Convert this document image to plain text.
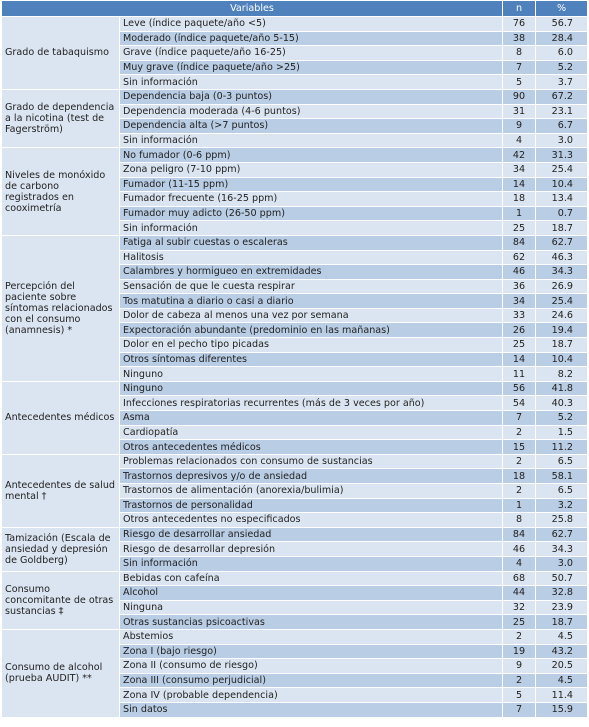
Variables		n	%
Grado de tabaquismo	Leve (índice paquete/año <5)	76	56.7
	Moderado (índice paquete/año 5-15)	38	28.4
	Grave (índice paquete/año 16-25)	8	6.0
	Muy grave (índice paquete/año >25)	7	5.2
	Sin información	5	3.7
Grado de dependencia a la nicotina (test de Fagerström)	Dependencia baja (0-3 puntos)	90	67.2
	Dependencia moderada (4-6 puntos)	31	23.1
	Dependencia alta (>7 puntos)	9	6.7
	Sin información	4	3.0
Niveles de monóxido de carbono registrados en cooximetría	No fumador (0-6 ppm)	42	31.3
	Zona peligro (7-10 ppm)	34	25.4
	Fumador (11-15 ppm)	14	10.4
	Fumador frecuente (16-25 ppm)	18	13.4
	Fumador muy adicto (26-50 ppm)	1	0.7
	Sin información	25	18.7
Percepción del paciente sobre síntomas relacionados con el consumo (anamnesis) *	Fatiga al subir cuestas o escaleras	84	62.7
	Halitosis	62	46.3
	Calambres y hormigueo en extremidades	46	34.3
	Sensación de que le cuesta respirar	36	26.9
	Tos matutina a diario o casi a diario	34	25.4
	Dolor de cabeza al menos una vez por semana	33	24.6
	Expectoración abundante (predominio en las mañanas)	26	19.4
	Dolor en el pecho tipo picadas	25	18.7
	Otros síntomas diferentes	14	10.4
	Ninguno	11	8.2
Antecedentes médicos	Ninguno	56	41.8
	Infecciones respiratorias recurrentes (más de 3 veces por año)	54	40.3
	Asma	7	5.2
	Cardiopatía	2	1.5
	Otros antecedentes médicos	15	11.2
Antecedentes de salud mental †	Problemas relacionados con consumo de sustancias	2	6.5
	Trastornos depresivos y/o de ansiedad	18	58.1
	Trastornos de alimentación (anorexia/bulimia)	2	6.5
	Trastornos de personalidad	1	3.2
	Otros antecedentes no especificados	8	25.8
Tamización (Escala de ansiedad y depresión de Goldberg)	Riesgo de desarrollar ansiedad	84	62.7
	Riesgo de desarrollar depresión	46	34.3
	Sin información	4	3.0
Consumo concomitante de otras sustancias ‡	Bebidas con cafeína	68	50.7
	Alcohol	44	32.8
	Ninguna	32	23.9
	Otras sustancias psicoactivas	25	18.7
Consumo de alcohol (prueba AUDIT) **	Abstemios	2	4.5
	Zona I (bajo riesgo)	19	43.2
	Zona II (consumo de riesgo)	9	20.5
	Zona III (consumo perjudicial)	2	4.5
	Zona IV (probable dependencia)	5	11.4
	Sin datos	7	15.9
